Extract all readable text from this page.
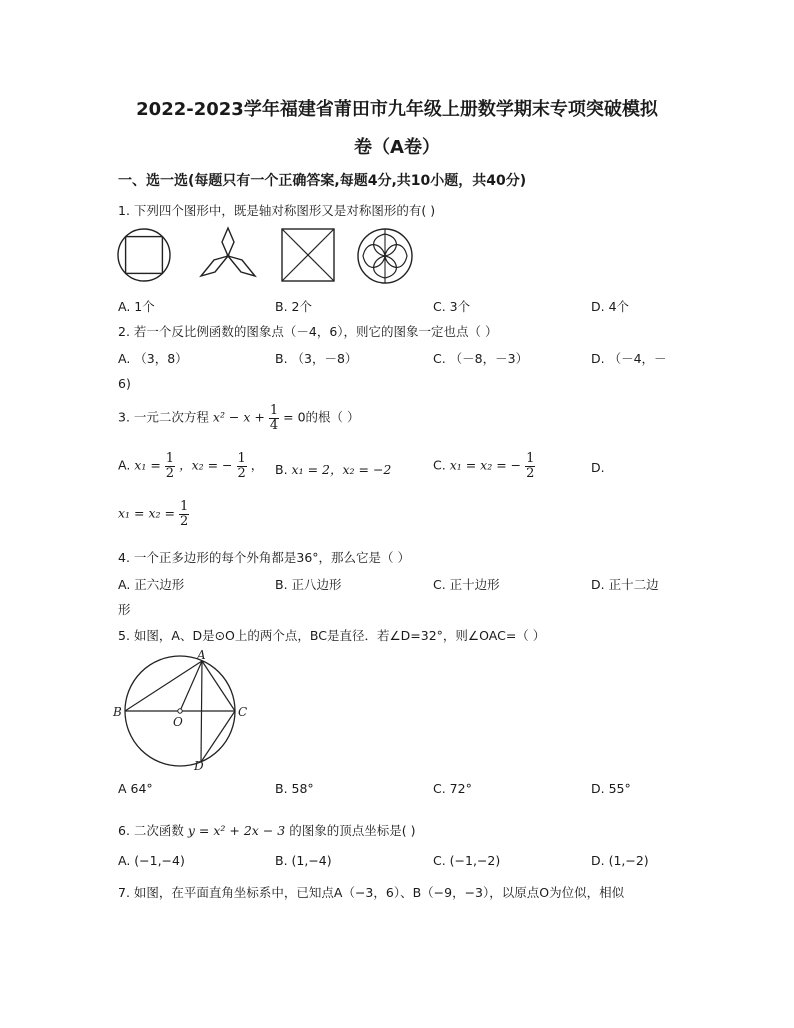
2022-2023学年福建省莆田市九年级上册数学期末专项突破模拟
卷（A卷）
一、选一选(每题只有一个正确答案,每题4分,共10小题，共40分)
1. 下列四个图形中，既是轴对称图形又是对称图形的有( )
A. 1个	B. 2个	C. 3个	D. 4个
2. 若一个反比例函数的图象点（－4，6），则它的图象一定也点（ ）
A. （3，8）	B. （3，－8）	C. （－8，－3）	D. （－4，－
6)
3. 一元二次方程 $x^2 - x + \frac{1}{4} = 0$的根（ ）
A. $x_1 = \frac{1}{2}$ ，x₂ = − $\frac{1}{2}$ ， B. x₁ = 2，x₂ = −2	C. x₁ = x₂ = − $\frac{1}{2}$	D.
$x_1 = x_2 = \frac{1}{2}$
4. 一个正多边形的每个外角都是36°，那么它是（ ）
A. 正六边形	B. 正八边形	C. 正十边形	D. 正十二边
形
5. 如图，A、D是⊙O上的两个点，BC是直径．若∠D=32°，则∠OAC=（ ）
A
B	C
D
O
A 64°	B. 58°	C. 72°	D. 55°
6. 二次函数 y = x² + 2x − 3 的图象的顶点坐标是( )
A. (−1,−4)	B. (1,−4)	C. (−1,−2)	D. (1,−2)
7. 如图，在平面直角坐标系中，已知点A（−3，6）、B（−9，−3），以原点O为位似，相似
